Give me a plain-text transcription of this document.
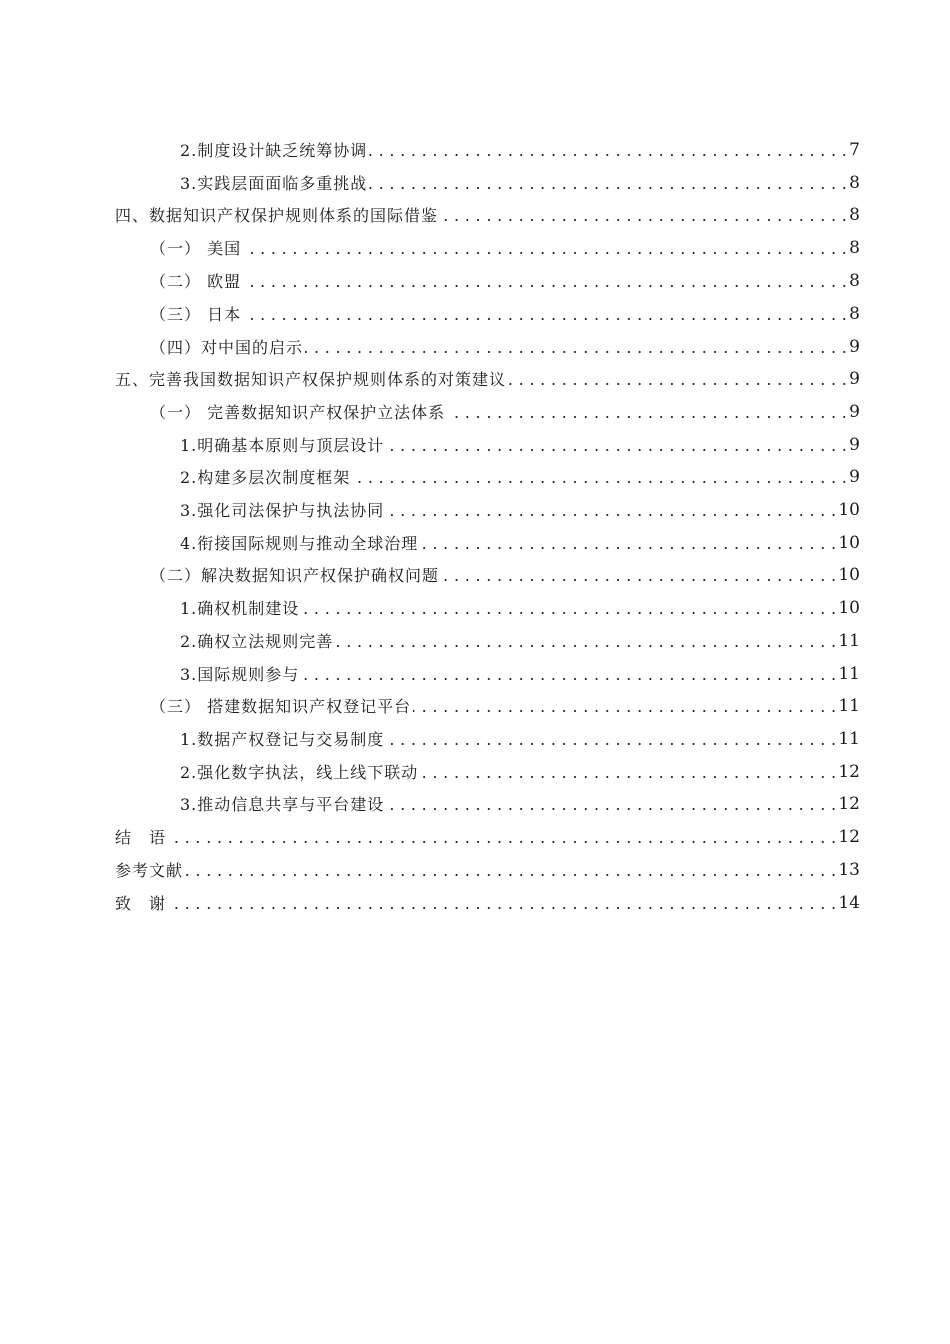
2.制度设计缺乏统筹协调 . . .	7
3.实践层面面临多重挑战 . . .	8
四、数据知识产权保护规则体系的国际借鉴 . . .	8
（一） 美国 . . .	8
（二） 欧盟 . . .	8
（三） 日本 . . .	8
（四）对中国的启示 . . .	9
五、完善我国数据知识产权保护规则体系的对策建议 . . .	9
（一） 完善数据知识产权保护立法体系 . . .	9
1.明确基本原则与顶层设计 . . .	9
2.构建多层次制度框架 . . .	9
3.强化司法保护与执法协同 . . .	10
4.衔接国际规则与推动全球治理 . . .	10
（二）解决数据知识产权保护确权问题 . . .	10
1.确权机制建设 . . .	10
2.确权立法规则完善 . . .	11
3.国际规则参与 . . .	11
（三） 搭建数据知识产权登记平台 . . .	11
1.数据产权登记与交易制度 . . .	11
2.强化数字执法，线上线下联动 . . .	12
3.推动信息共享与平台建设 . . .	12
结　语 . . .	12
参考文献 . . .	13
致　谢 . . .	14
